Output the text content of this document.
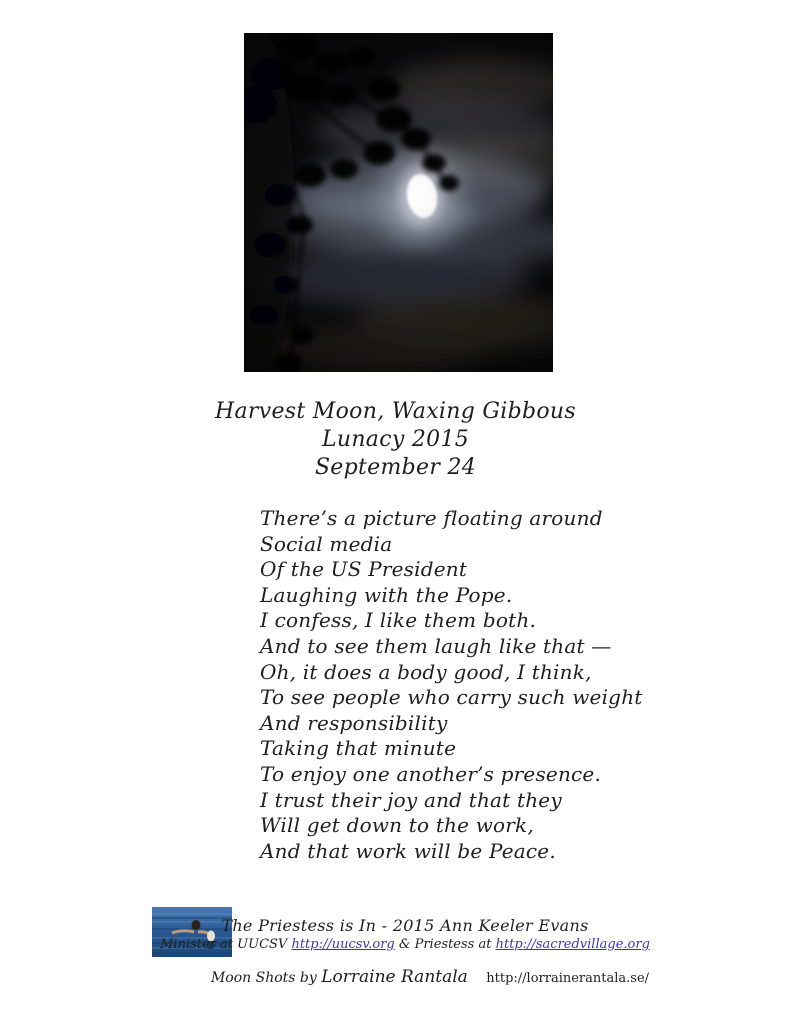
Harvest Moon, Waxing Gibbous
Lunacy 2015
September 24
There’s a picture floating around
Social media
Of the US President
Laughing with the Pope.
I confess, I like them both.
And to see them laugh like that —
Oh, it does a body good, I think,
To see people who carry such weight
And responsibility
Taking that minute
To enjoy one another’s presence.
I trust their joy and that they
Will get down to the work,
And that work will be Peace.
The Priestess is In - 2015 Ann Keeler Evans
Minister at UUCSV http://uucsv.org & Priestess at http://sacredvillage.org
Moon Shots by Lorraine Rantala http://lorrainerantala.se/
